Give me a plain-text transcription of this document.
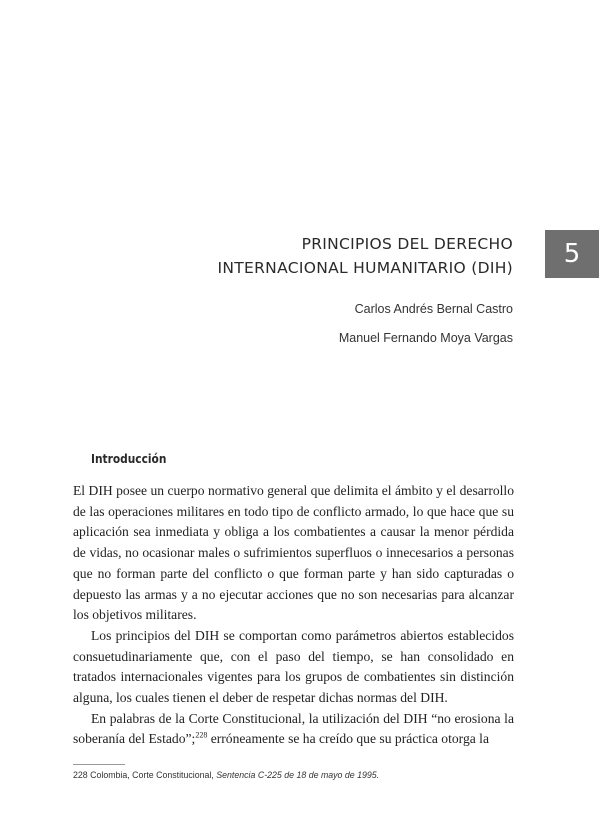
5
PRINCIPIOS DEL DERECHO
INTERNACIONAL HUMANITARIO (DIH)
Carlos Andrés Bernal Castro
Manuel Fernando Moya Vargas
Introducción

El DIH posee un cuerpo normativo general que delimita el ámbito y el desarrollo de las operaciones militares en todo tipo de conflicto armado, lo que hace que su aplicación sea inmediata y obliga a los combatientes a causar la menor pérdida de vidas, no ocasionar males o sufrimientos superfluos o innecesarios a personas que no forman parte del conflicto o que forman parte y han sido capturadas o depuesto las armas y a no ejecutar acciones que no son necesarias para alcanzar los objetivos militares.

Los principios del DIH se comportan como parámetros abiertos establecidos consuetudinariamente que, con el paso del tiempo, se han consolidado en tratados internacionales vigentes para los grupos de combatientes sin distinción alguna, los cuales tienen el deber de respetar dichas normas del DIH.

En palabras de la Corte Constitucional, la utilización del DIH “no erosiona la soberanía del Estado”;$^{228}$ erróneamente se ha creído que su práctica otorga la

228 Colombia, Corte Constitucional, Sentencia C-225 de 18 de mayo de 1995.
